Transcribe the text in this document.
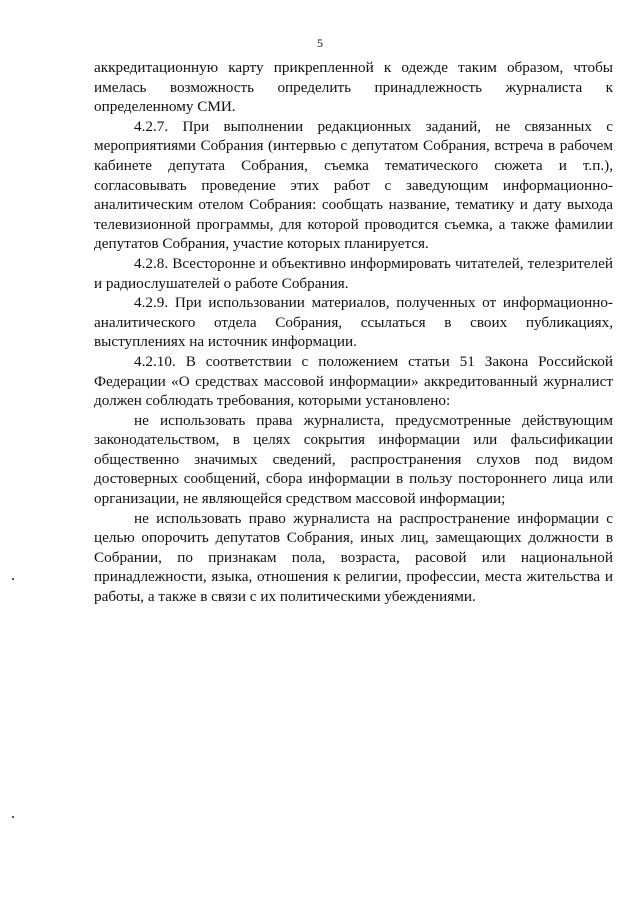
5

аккредитационную карту прикрепленной к одежде таким образом, чтобы имелась возможность определить принадлежность журналиста к определенному СМИ.

4.2.7. При выполнении редакционных заданий, не связанных с мероприятиями Собрания (интервью с депутатом Собрания, встреча в рабочем кабинете депутата Собрания, съемка тематического сюжета и т.п.), согласовывать проведение этих работ с заведующим информационно-аналитическим отелом Собрания: сообщать название, тематику и дату выхода телевизионной программы, для которой проводится съемка, а также фамилии депутатов Собрания, участие которых планируется.

4.2.8. Всесторонне и объективно информировать читателей, телезрителей и радиослушателей о работе Собрания.

4.2.9. При использовании материалов, полученных от информационно-аналитического отдела Собрания, ссылаться в своих публикациях, выступлениях на источник информации.

4.2.10. В соответствии с положением статьи 51 Закона Российской Федерации «О средствах массовой информации» аккредитованный журналист должен соблюдать требования, которыми установлено:

не использовать права журналиста, предусмотренные действующим законодательством, в целях сокрытия информации или фальсификации общественно значимых сведений, распространения слухов под видом достоверных сообщений, сбора информации в пользу постороннего лица или организации, не являющейся средством массовой информации;

не использовать право журналиста на распространение информации с целью опорочить депутатов Собрания, иных лиц, замещающих должности в Собрании, по признакам пола, возраста, расовой или национальной принадлежности, языка, отношения к религии, профессии, места жительства и работы, а также в связи с их политическими убеждениями.
